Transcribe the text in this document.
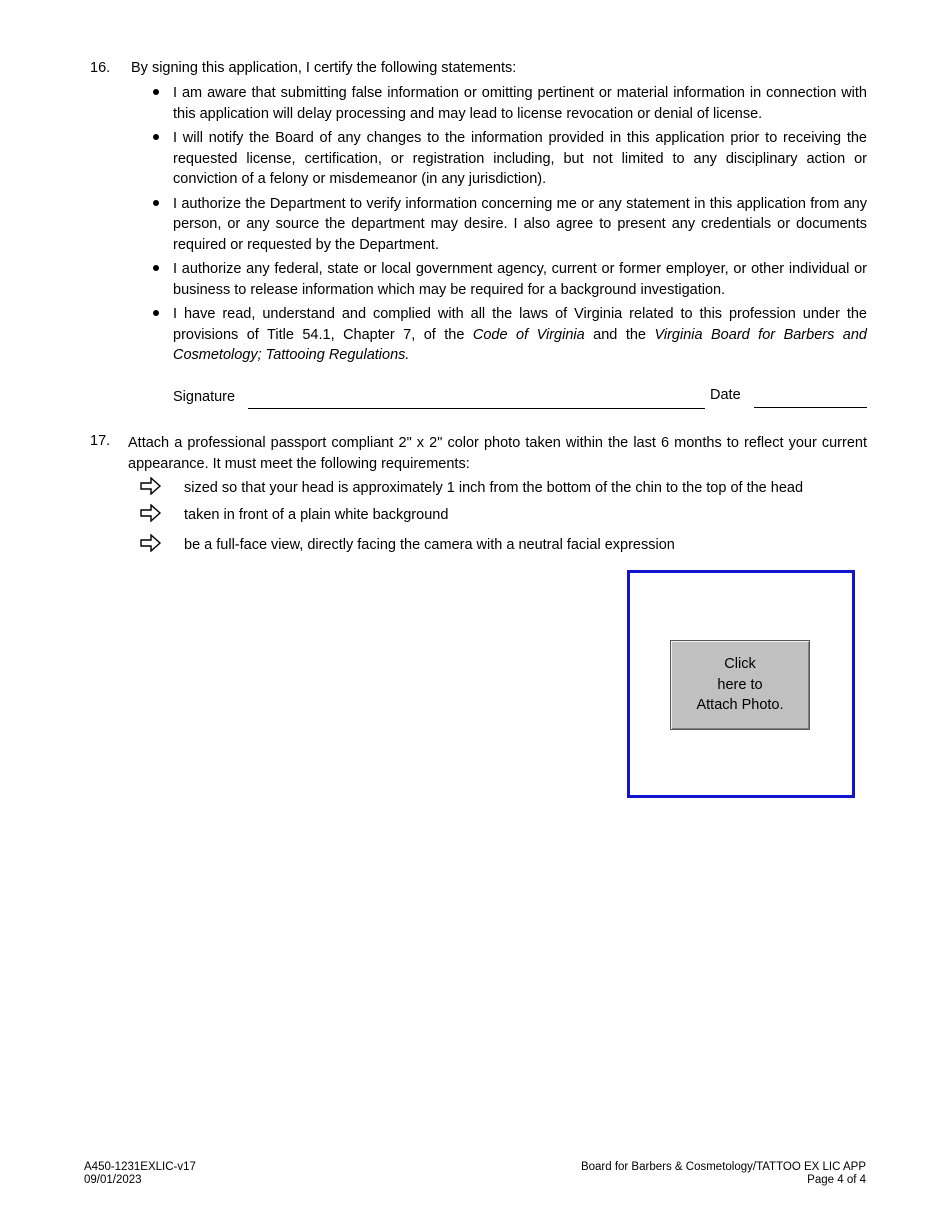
16. By signing this application, I certify the following statements:
I am aware that submitting false information or omitting pertinent or material information in connection with this application will delay processing and may lead to license revocation or denial of license.
I will notify the Board of any changes to the information provided in this application prior to receiving the requested license, certification, or registration including, but not limited to any disciplinary action or conviction of a felony or misdemeanor (in any jurisdiction).
I authorize the Department to verify information concerning me or any statement in this application from any person, or any source the department may desire. I also agree to present any credentials or documents required or requested by the Department.
I authorize any federal, state or local government agency, current or former employer, or other individual or business to release information which may be required for a background investigation.
I have read, understand and complied with all the laws of Virginia related to this profession under the provisions of Title 54.1, Chapter 7, of the Code of Virginia and the Virginia Board for Barbers and Cosmetology; Tattooing Regulations.
Signature	Date
17. Attach a professional passport compliant 2" x 2" color photo taken within the last 6 months to reflect your current appearance. It must meet the following requirements:
sized so that your head is approximately 1 inch from the bottom of the chin to the top of the head
taken in front of a plain white background
be a full-face view, directly facing the camera with a neutral facial expression
Click
here to
Attach Photo.
A450-1231EXLIC-v17
09/01/2023
Board for Barbers & Cosmetology/TATTOO EX LIC APP
Page 4 of 4
